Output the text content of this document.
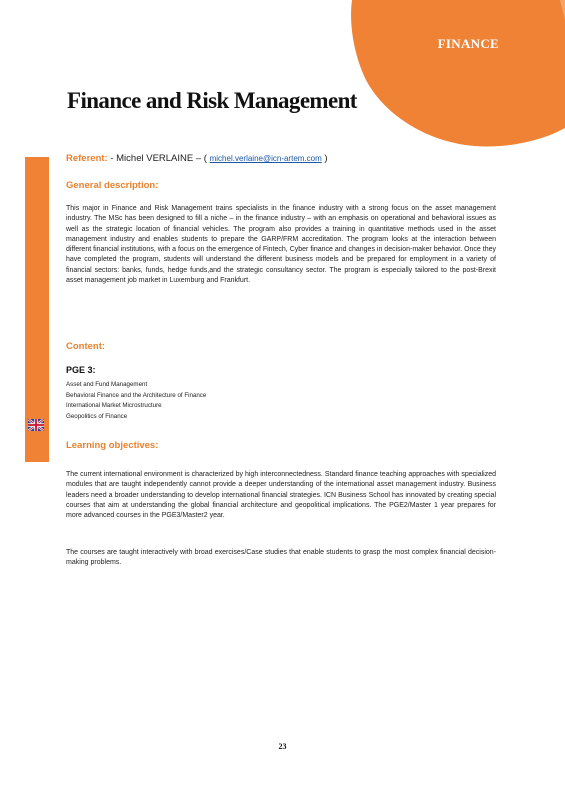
FINANCE
Finance and Risk Management
BERLIN - RYTHME ALTERNÉ
Referent: - Michel VERLAINE – ( michel.verlaine@icn-artem.com )
General description:
This major in Finance and Risk Management trains specialists in the finance industry with a strong focus on the asset management industry. The MSc has been designed to fill a niche – in the finance industry – with an emphasis on operational and behavioral issues as well as the strategic location of financial vehicles. The program also provides a training in quantitative methods used in the asset management industry and enables students to prepare the GARP/FRM accreditation. The program looks at the interaction between different financial institutions, with a focus on the emergence of Fintech, Cyber finance and changes in decision-maker behavior. Once they have completed the program, students will understand the different business models and be prepared for employment in a variety of financial sectors: banks, funds, hedge funds,and the strategic consultancy sector. The program is especially tailored to the post-Brexit asset management job market in Luxemburg and Frankfurt.
Content:
PGE 3:
Asset and Fund Management
Behavioral Finance and the Architecture of Finance
International Market Microstructure
Geopolitics of Finance
Learning objectives:
The current international environment is characterized by high interconnectedness. Standard finance teaching approaches with specialized modules that are taught independently cannot provide a deeper understanding of the international asset management industry. Business leaders need a broader understanding to develop international financial strategies. ICN Business School has innovated by creating special courses that aim at understanding the global financial architecture and geopolitical implications. The PGE2/Master 1 year prepares for more advanced courses in the PGE3/Master2 year.
The courses are taught interactively with broad exercises/Case studies that enable students to grasp the most complex financial decision-making problems.
23
